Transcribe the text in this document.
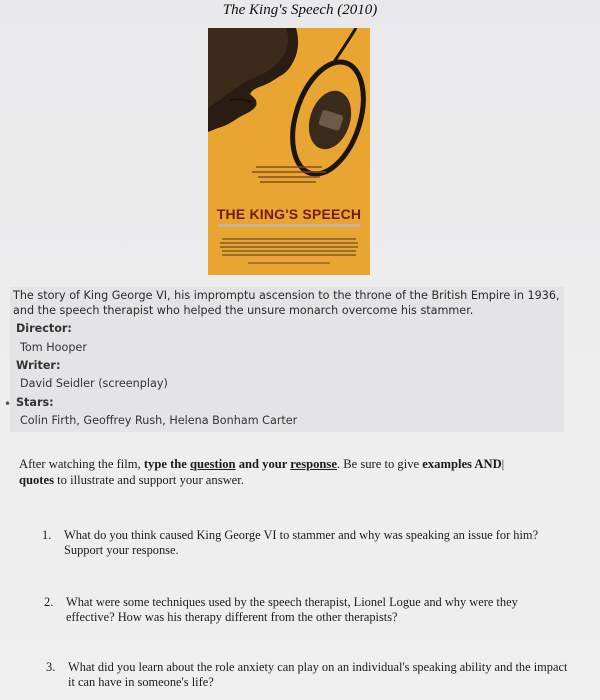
The King's Speech (2010)
THE KING'S SPEECH
The story of King George VI, his impromptu ascension to the throne of the British Empire in 1936, and the speech therapist who helped the unsure monarch overcome his stammer.
Director:
Tom Hooper
Writer:
David Seidler (screenplay)
Stars:
Colin Firth, Geoffrey Rush, Helena Bonham Carter
•
After watching the film, type the question and your response. Be sure to give examples AND|
quotes to illustrate and support your answer.
1. What do you think caused King George VI to stammer and why was speaking an issue for him? Support your response.
2. What were some techniques used by the speech therapist, Lionel Logue and why were they effective? How was his therapy different from the other therapists?
3. What did you learn about the role anxiety can play on an individual's speaking ability and the impact it can have in someone's life?
